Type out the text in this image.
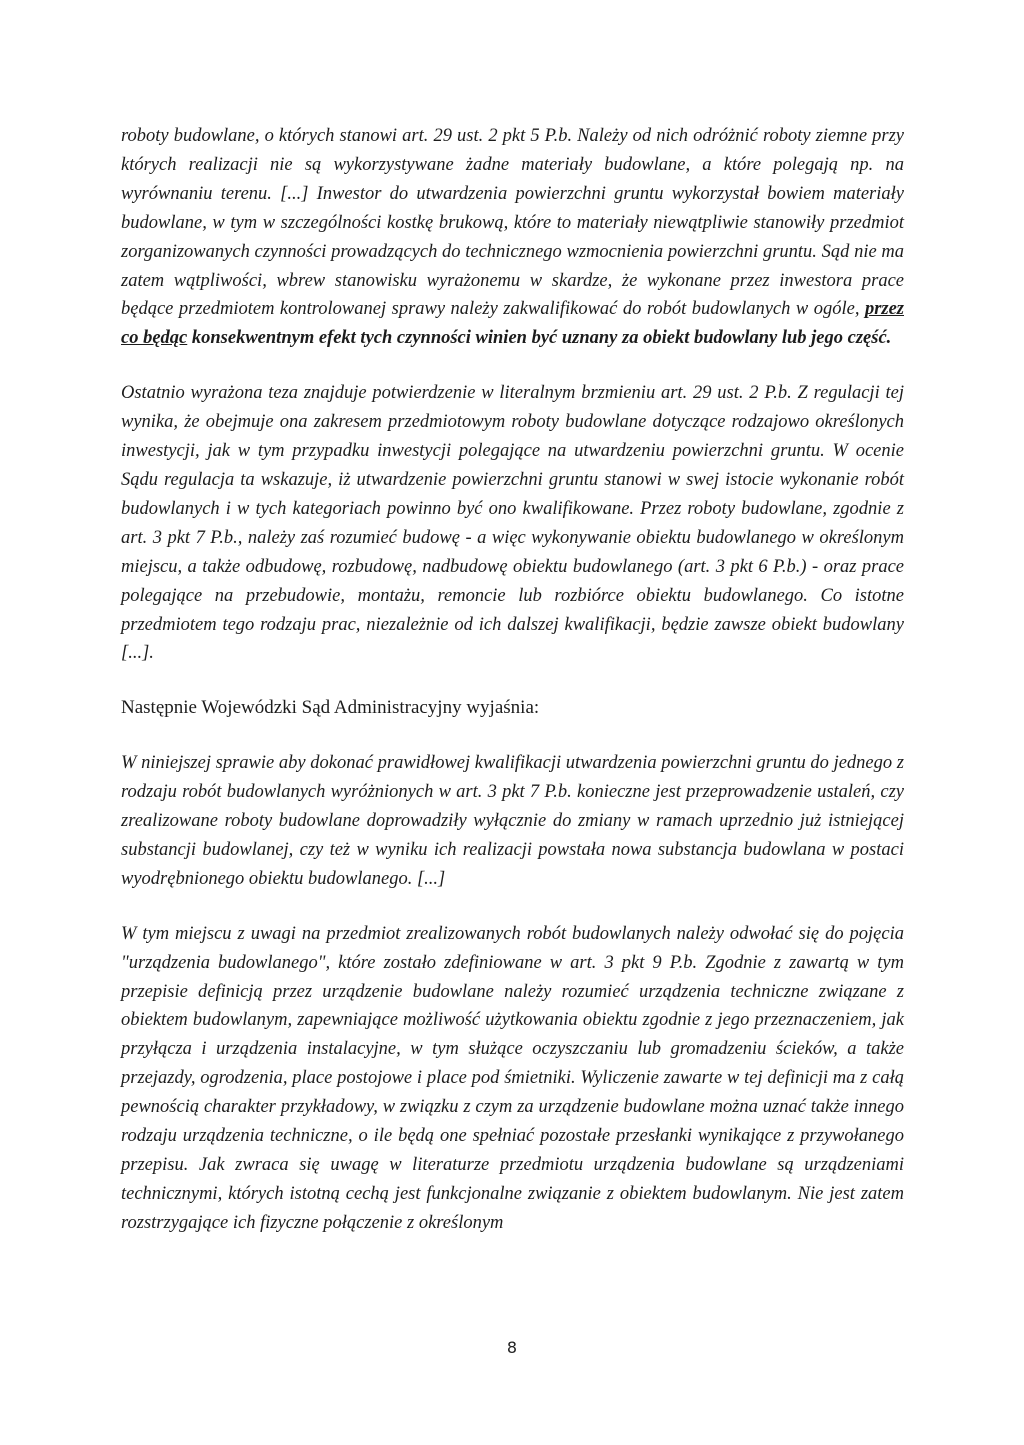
roboty budowlane, o których stanowi art. 29 ust. 2 pkt 5 P.b. Należy od nich odróżnić roboty ziemne przy których realizacji nie są wykorzystywane żadne materiały budowlane, a które polegają np. na wyrównaniu terenu. [...] Inwestor do utwardzenia powierzchni gruntu wykorzystał bowiem materiały budowlane, w tym w szczególności kostkę brukową, które to materiały niewątpliwie stanowiły przedmiot zorganizowanych czynności prowadzących do technicznego wzmocnienia powierzchni gruntu. Sąd nie ma zatem wątpliwości, wbrew stanowisku wyrażonemu w skardze, że wykonane przez inwestora prace będące przedmiotem kontrolowanej sprawy należy zakwalifikować do robót budowlanych w ogóle, przez co będąc konsekwentnym efekt tych czynności winien być uznany za obiekt budowlany lub jego część.

Ostatnio wyrażona teza znajduje potwierdzenie w literalnym brzmieniu art. 29 ust. 2 P.b. Z regulacji tej wynika, że obejmuje ona zakresem przedmiotowym roboty budowlane dotyczące rodzajowo określonych inwestycji, jak w tym przypadku inwestycji polegające na utwardzeniu powierzchni gruntu. W ocenie Sądu regulacja ta wskazuje, iż utwardzenie powierzchni gruntu stanowi w swej istocie wykonanie robót budowlanych i w tych kategoriach powinno być ono kwalifikowane. Przez roboty budowlane, zgodnie z art. 3 pkt 7 P.b., należy zaś rozumieć budowę - a więc wykonywanie obiektu budowlanego w określonym miejscu, a także odbudowę, rozbudowę, nadbudowę obiektu budowlanego (art. 3 pkt 6 P.b.) - oraz prace polegające na przebudowie, montażu, remoncie lub rozbiórce obiektu budowlanego. Co istotne przedmiotem tego rodzaju prac, niezależnie od ich dalszej kwalifikacji, będzie zawsze obiekt budowlany [...].

Następnie Wojewódzki Sąd Administracyjny wyjaśnia:

W niniejszej sprawie aby dokonać prawidłowej kwalifikacji utwardzenia powierzchni gruntu do jednego z rodzaju robót budowlanych wyróżnionych w art. 3 pkt 7 P.b. konieczne jest przeprowadzenie ustaleń, czy zrealizowane roboty budowlane doprowadziły wyłącznie do zmiany w ramach uprzednio już istniejącej substancji budowlanej, czy też w wyniku ich realizacji powstała nowa substancja budowlana w postaci wyodrębnionego obiektu budowlanego. [...]

W tym miejscu z uwagi na przedmiot zrealizowanych robót budowlanych należy odwołać się do pojęcia "urządzenia budowlanego", które zostało zdefiniowane w art. 3 pkt 9 P.b. Zgodnie z zawartą w tym przepisie definicją przez urządzenie budowlane należy rozumieć urządzenia techniczne związane z obiektem budowlanym, zapewniające możliwość użytkowania obiektu zgodnie z jego przeznaczeniem, jak przyłącza i urządzenia instalacyjne, w tym służące oczyszczaniu lub gromadzeniu ścieków, a także przejazdy, ogrodzenia, place postojowe i place pod śmietniki. Wyliczenie zawarte w tej definicji ma z całą pewnością charakter przykładowy, w związku z czym za urządzenie budowlane można uznać także innego rodzaju urządzenia techniczne, o ile będą one spełniać pozostałe przesłanki wynikające z przywołanego przepisu. Jak zwraca się uwagę w literaturze przedmiotu urządzenia budowlane są urządzeniami technicznymi, których istotną cechą jest funkcjonalne związanie z obiektem budowlanym. Nie jest zatem rozstrzygające ich fizyczne połączenie z określonym

8
